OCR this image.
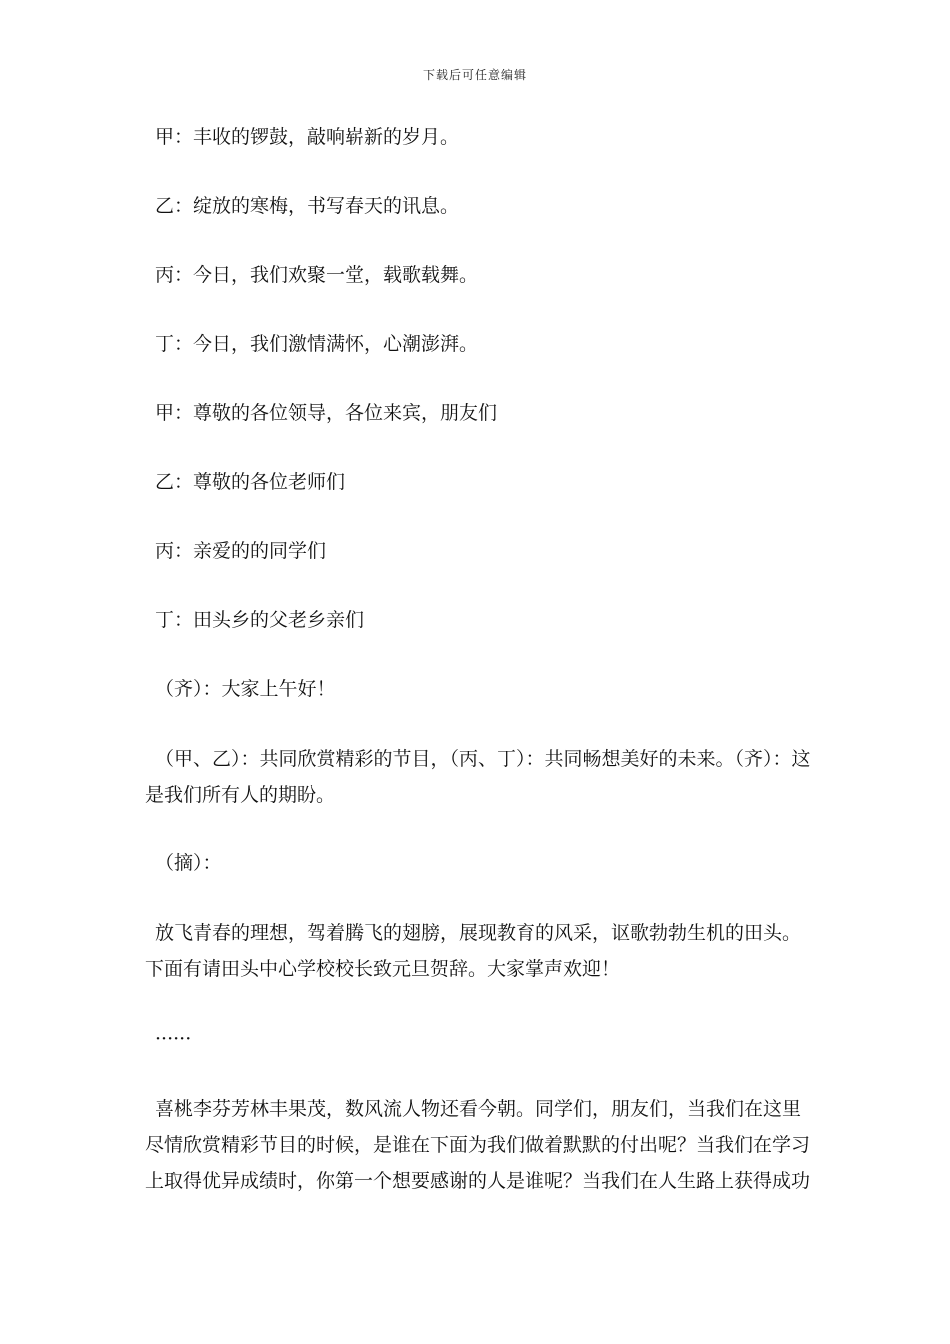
下载后可任意编辑
甲：丰收的锣鼓，敲响崭新的岁月。
乙：绽放的寒梅，书写春天的讯息。
丙：今日，我们欢聚一堂，载歌载舞。
丁：今日，我们激情满怀，心潮澎湃。
甲：尊敬的各位领导，各位来宾，朋友们
乙：尊敬的各位老师们
丙：亲爱的的同学们
丁：田头乡的父老乡亲们
（齐）：大家上午好！
（甲、乙）：共同欣赏精彩的节目，（丙、丁）：共同畅想美好的未来。（齐）：这
是我们所有人的期盼。
（摘）：
放飞青春的理想，驾着腾飞的翅膀，展现教育的风采，讴歌勃勃生机的田头。
下面有请田头中心学校校长致元旦贺辞。大家掌声欢迎！
······
喜桃李芬芳林丰果茂，数风流人物还看今朝。同学们，朋友们，当我们在这里
尽情欣赏精彩节目的时候，是谁在下面为我们做着默默的付出呢？当我们在学习
上取得优异成绩时，你第一个想要感谢的人是谁呢？当我们在人生路上获得成功
